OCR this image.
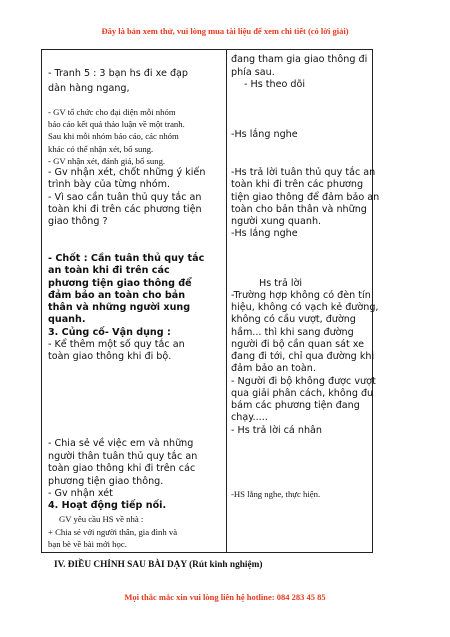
Đây là bản xem thử, vui lòng mua tài liệu để xem chi tiết (có lời giải)
- Tranh 5 : 3 bạn hs đi xe đạp
dàn hàng ngang,
- GV tổ chức cho đại diện mỗi nhóm
báo cáo kết quả thảo luận về một tranh.
Sau khi mỗi nhóm báo cáo, các nhóm
khác có thể nhận xét, bổ sung.
- GV nhận xét, đánh giá, bổ sung.
- Gv nhận xét, chốt những ý kiến
trình bày của từng nhóm.
- Vì sao cần tuân thủ quy tắc an
toàn khi đi trên các phương tiện
giao thông ?
- Chốt : Cần tuân thủ quy tắc
an toàn khi đi trên các
phương tiện giao thông để
đảm bảo an toàn cho bản
thân và những người xung
quanh.
3. Củng cố- Vận dụng :
- Kể thêm một số quy tắc an
toàn giao thông khi đi bộ.
- Chia sẻ về việc em và những
người thân tuân thủ quy tắc an
toàn giao thông khi đi trên các
phương tiện giao thông.
- Gv nhận xét
4. Hoạt động tiếp nối.
GV yêu cầu HS về nhà :
+ Chia sẻ với người thân, gia đình và
bạn bè về bài mới học.
đang tham gia giao thông đi
phía sau.
- Hs theo dõi
-Hs lắng nghe
-Hs trả lời tuân thủ quy tắc an
toàn khi đi trên các phương
tiện giao thông để đảm bảo an
toàn cho bản thân và những
người xung quanh.
-Hs lắng nghe
Hs trả lời
-Trường hợp không có đèn tín
hiệu, không có vạch kẻ đường,
không có cầu vượt, đường
hầm... thì khi sang đường
người đi bộ cần quan sát xe
đang đi tới, chỉ qua đường khi
đảm bảo an toàn.
- Người đi bộ không được vượt
qua giải phân cách, không đu
bám các phương tiện đang
chạy.....
- Hs trả lời cá nhân
-HS lắng nghe, thực hiện.
IV. ĐIỀU CHỈNH SAU BÀI DẠY (Rút kinh nghiệm)
Mọi thắc mắc xin vui lòng liên hệ hotline: 084 283 45 85
